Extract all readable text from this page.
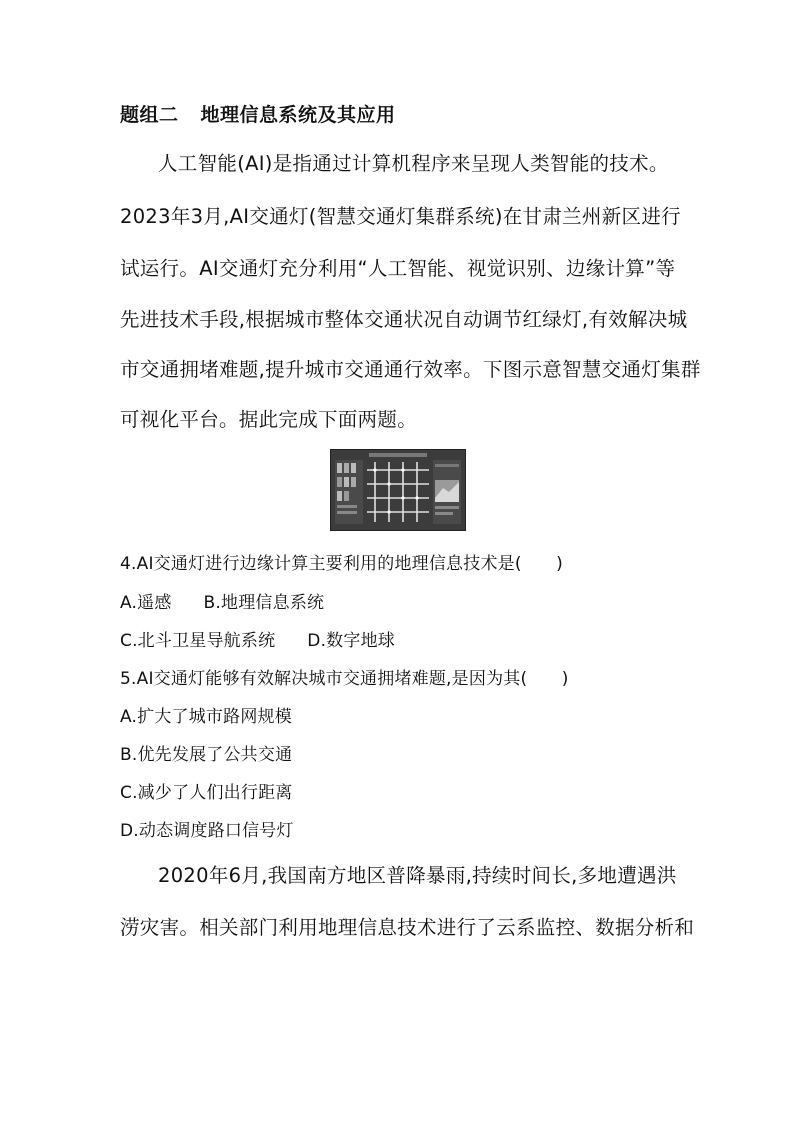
题组二 地理信息系统及其应用
人工智能(AI)是指通过计算机程序来呈现人类智能的技术。
2023年3月,AI交通灯(智慧交通灯集群系统)在甘肃兰州新区进行
试运行。AI交通灯充分利用“人工智能、视觉识别、边缘计算”等
先进技术手段,根据城市整体交通状况自动调节红绿灯,有效解决城
市交通拥堵难题,提升城市交通通行效率。下图示意智慧交通灯集群
可视化平台。据此完成下面两题。
4.AI交通灯进行边缘计算主要利用的地理信息技术是(　　)
A.遥感 B.地理信息系统
C.北斗卫星导航系统 D.数字地球
5.AI交通灯能够有效解决城市交通拥堵难题,是因为其(　　)
A.扩大了城市路网规模
B.优先发展了公共交通
C.减少了人们出行距离
D.动态调度路口信号灯
2020年6月,我国南方地区普降暴雨,持续时间长,多地遭遇洪
涝灾害。相关部门利用地理信息技术进行了云系监控、数据分析和
